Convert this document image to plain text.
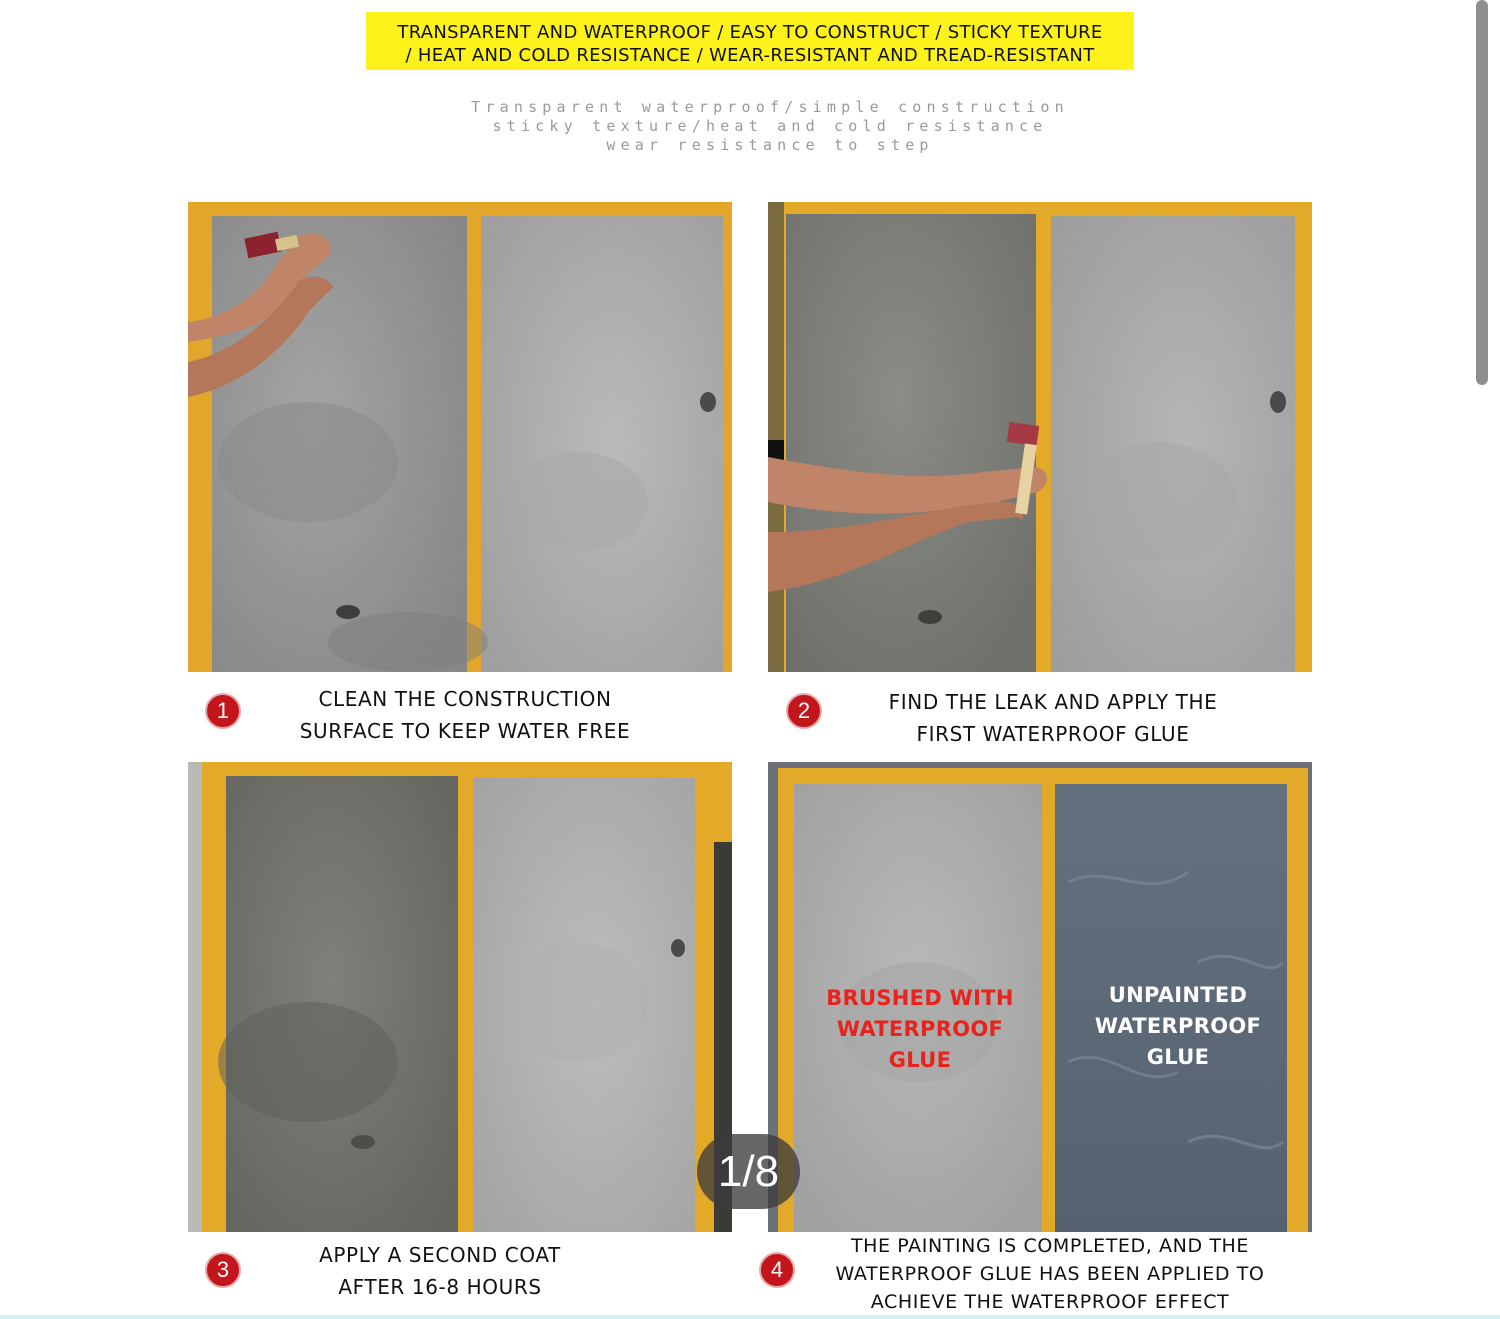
TRANSPARENT AND WATERPROOF / EASY TO CONSTRUCT / STICKY TEXTURE
/ HEAT AND COLD RESISTANCE / WEAR-RESISTANT AND TREAD-RESISTANT
Transparent waterproof/simple construction
sticky texture/heat and cold resistance
wear resistance to step
1	CLEAN THE CONSTRUCTION
SURFACE TO KEEP WATER FREE
2	FIND THE LEAK AND APPLY THE
FIRST WATERPROOF GLUE
BRUSHED WITH
WATERPROOF
GLUE
UNPAINTED
WATERPROOF
GLUE
3
APPLY A SECOND COAT
AFTER 16-8 HOURS
4
THE PAINTING IS COMPLETED, AND THE
WATERPROOF GLUE HAS BEEN APPLIED TO
ACHIEVE THE WATERPROOF EFFECT
1/8
